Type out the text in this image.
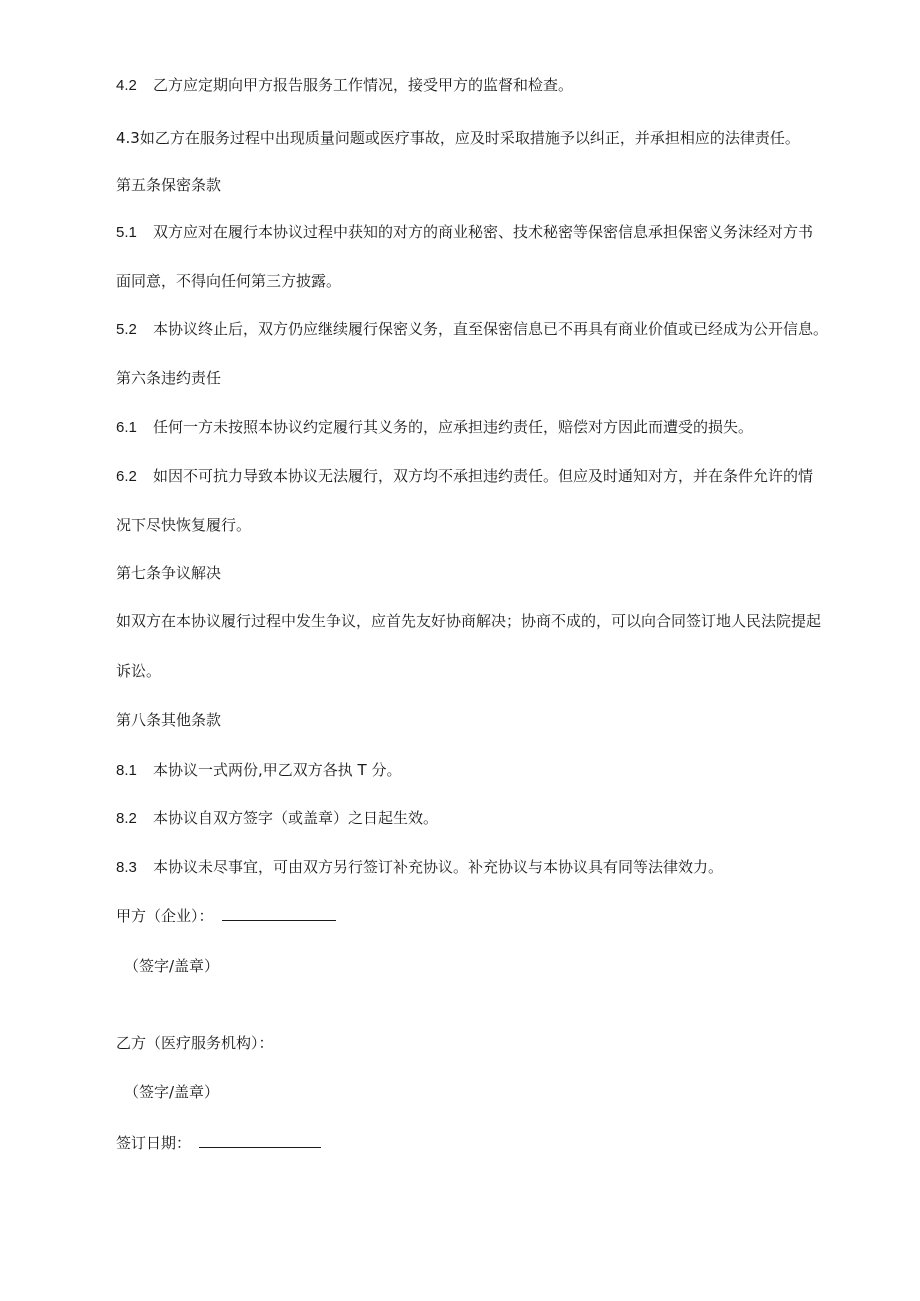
4.2 乙方应定期向甲方报告服务工作情况，接受甲方的监督和检查。
4.3如乙方在服务过程中出现质量问题或医疗事故，应及时采取措施予以纠正，并承担相应的法律责任。
第五条保密条款
5.1 双方应对在履行本协议过程中获知的对方的商业秘密、技术秘密等保密信息承担保密义务沫经对方书
面同意，不得向任何第三方披露。
5.2 本协议终止后，双方仍应继续履行保密义务，直至保密信息已不再具有商业价值或已经成为公开信息。
第六条违约责任
6.1 任何一方未按照本协议约定履行其义务的，应承担违约责任，赔偿对方因此而遭受的损失。
6.2 如因不可抗力导致本协议无法履行，双方均不承担违约责任。但应及时通知对方，并在条件允许的情
况下尽快恢复履行。
第七条争议解决
如双方在本协议履行过程中发生争议，应首先友好协商解决；协商不成的，可以向合同签订地人民法院提起
诉讼。
第八条其他条款
8.1 本协议一式两份,甲乙双方各执 T 分。
8.2 本协议自双方签字（或盖章）之日起生效。
8.3 本协议未尽事宜，可由双方另行签订补充协议。补充协议与本协议具有同等法律效力。
甲方（企业）：
（签字/盖章）
乙方（医疗服务机构）：
（签字/盖章）
签订日期：
